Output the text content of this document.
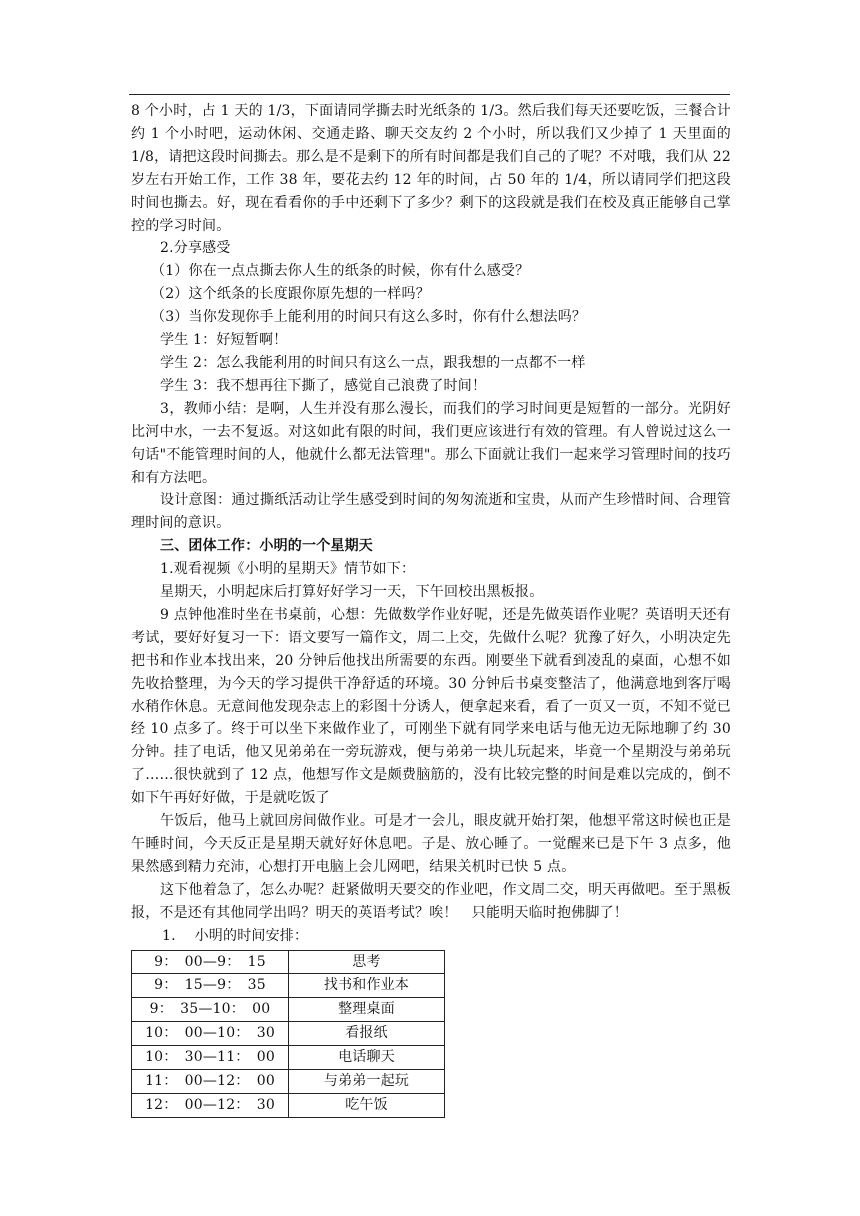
8 个小时，占 1 天的 1/3，下面请同学撕去时光纸条的 1/3。然后我们每天还要吃饭，三餐合计约 1 个小时吧，运动休闲、交通走路、聊天交友约 2 个小时，所以我们又少掉了 1 天里面的 1/8，请把这段时间撕去。那么是不是剩下的所有时间都是我们自己的了呢？不对哦，我们从 22 岁左右开始工作，工作 38 年，要花去约 12 年的时间，占 50 年的 1/4，所以请同学们把这段时间也撕去。好，现在看看你的手中还剩下了多少？剩下的这段就是我们在校及真正能够自己掌控的学习时间。

2.分享感受

（1）你在一点点撕去你人生的纸条的时候，你有什么感受？

（2）这个纸条的长度跟你原先想的一样吗？

（3）当你发现你手上能利用的时间只有这么多时，你有什么想法吗？

学生 1：好短暂啊！

学生 2：怎么我能利用的时间只有这么一点，跟我想的一点都不一样

学生 3：我不想再往下撕了，感觉自己浪费了时间！

3，教师小结：是啊，人生并没有那么漫长，而我们的学习时间更是短暂的一部分。光阴好比河中水，一去不复返。对这如此有限的时间，我们更应该进行有效的管理。有人曾说过这么一句话"不能管理时间的人，他就什么都无法管理"。那么下面就让我们一起来学习管理时间的技巧和有方法吧。

设计意图：通过撕纸活动让学生感受到时间的匆匆流逝和宝贵，从而产生珍惜时间、合理管理时间的意识。

三、团体工作：小明的一个星期天

1.观看视频《小明的星期天》情节如下：

星期天，小明起床后打算好好学习一天，下午回校出黑板报。

9 点钟他准时坐在书桌前，心想：先做数学作业好呢，还是先做英语作业呢？英语明天还有考试，要好好复习一下：语文要写一篇作文，周二上交，先做什么呢？犹豫了好久，小明决定先把书和作业本找出来，20 分钟后他找出所需要的东西。刚要坐下就看到凌乱的桌面，心想不如先收拾整理，为今天的学习提供干净舒适的环境。30 分钟后书桌变整洁了，他满意地到客厅喝水稍作休息。无意间他发现杂志上的彩图十分诱人，便拿起来看，看了一页又一页，不知不觉已经 10 点多了。终于可以坐下来做作业了，可刚坐下就有同学来电话与他无边无际地聊了约 30 分钟。挂了电话，他又见弟弟在一旁玩游戏，便与弟弟一块儿玩起来，毕竟一个星期没与弟弟玩了……很快就到了 12 点，他想写作文是颇费脑筋的，没有比较完整的时间是难以完成的，倒不如下午再好好做，于是就吃饭了

午饭后，他马上就回房间做作业。可是才一会儿，眼皮就开始打架，他想平常这时候也正是午睡时间，今天反正是星期天就好好休息吧。子是、放心睡了。一觉醒来已是下午 3 点多，他果然感到精力充沛，心想打开电脑上会儿网吧，结果关机时已快 5 点。

这下他着急了，怎么办呢？赶紧做明天要交的作业吧，作文周二交，明天再做吧。至于黑板报，不是还有其他同学出吗？明天的英语考试？唉！　只能明天临时抱佛脚了！

1.　 小明的时间安排：

9：　00—9：　15	思考
9：　15—9：　35	找书和作业本
9：　35—10：　00	整理桌面
10：　00—10：　30	看报纸
10：　30—11：　00	电话聊天
11：　00—12：　00	与弟弟一起玩
12：　00—12：　30	吃午饭
